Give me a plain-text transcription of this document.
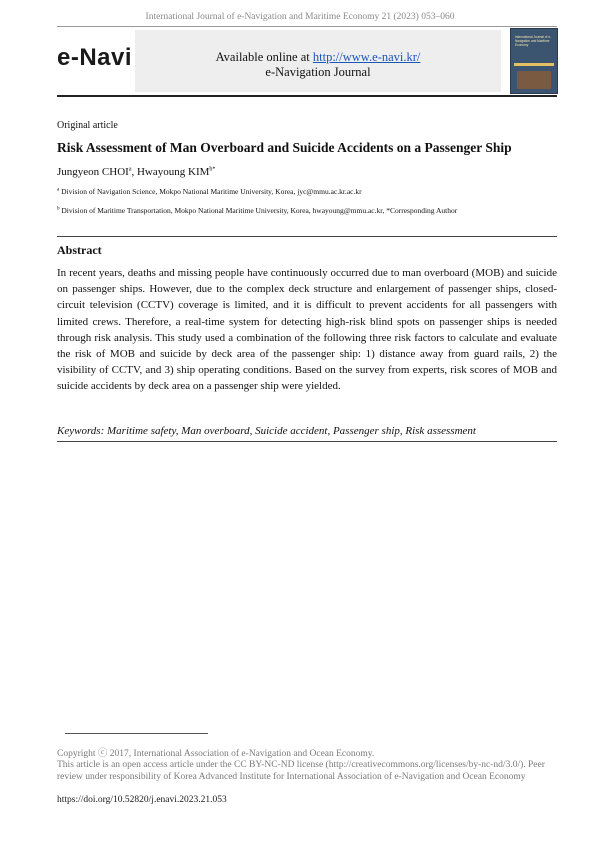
International Journal of e-Navigation and Maritime Economy 21 (2023) 053–060
e-Navi	Available online at http://www.e-navi.kr/
e-Navigation Journal
International Journal of e-Navigation and Maritime Economy
Original article
Risk Assessment of Man Overboard and Suicide Accidents on a Passenger Ship
Jungyeon CHOI$^a$, Hwayoung $KIM^{b*}$
$^a$ Division of Navigation Science, Mokpo National Maritime University, Korea, jyc@mmu.ac.kr.ac.kr
$^b$ Division of Maritime Transportation, Mokpo National Maritime University, Korea, hwayoung@mmu.ac.kr, *Corresponding Author
Abstract
In recent years, deaths and missing people have continuously occurred due to man overboard (MOB) and suicide on passenger ships. However, due to the complex deck structure and enlargement of passenger ships, closed-circuit television (CCTV) coverage is limited, and it is difficult to prevent accidents for all passengers with limited crews. Therefore, a real-time system for detecting high-risk blind spots on passenger ships is needed through risk analysis. This study used a combination of the following three risk factors to calculate and evaluate the risk of MOB and suicide by deck area of the passenger ship: 1) distance away from guard rails, 2) the visibility of CCTV, and 3) ship operating conditions. Based on the survey from experts, risk scores of MOB and suicide accidents by deck area on a passenger ship were yielded.
Keywords: Maritime safety, Man overboard, Suicide accident, Passenger ship, Risk assessment
Copyright ⓒ 2017, International Association of e-Navigation and Ocean Economy.
This article is an open access article under the CC BY-NC-ND license (http://creativecommons.org/licenses/by-nc-nd/3.0/). Peer review under responsibility of Korea Advanced Institute for International Association of e-Navigation and Ocean Economy
https://doi.org/10.52820/j.enavi.2023.21.053
